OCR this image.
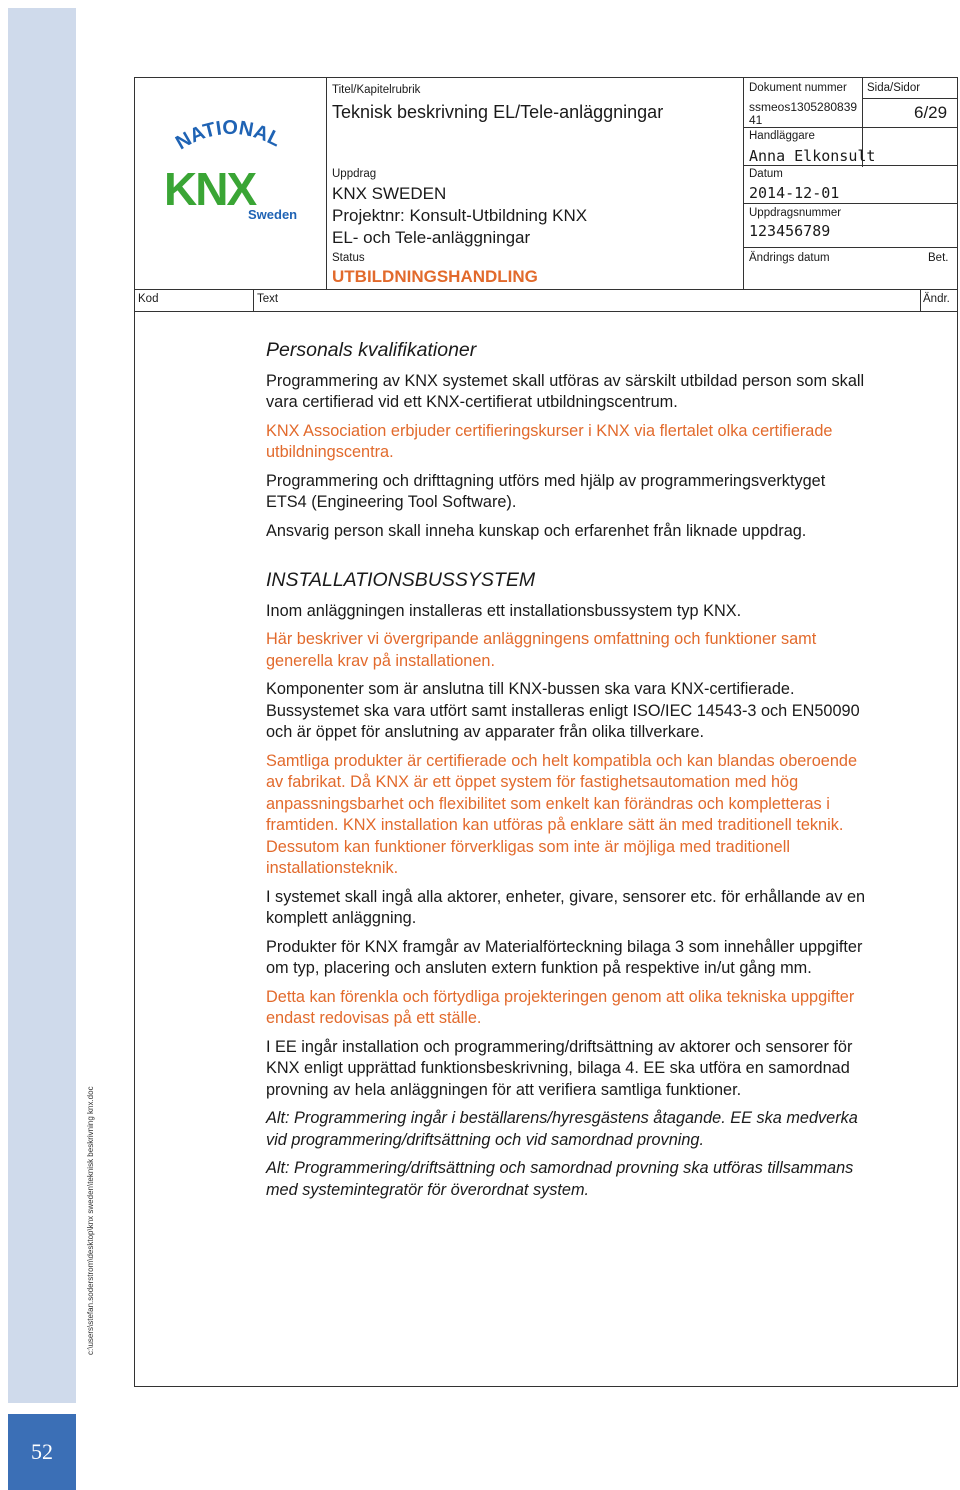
52
c:\users\stefan.soderstrom\desktop\knx sweden\teknisk beskrivning knx.doc
NATIONAL
KNX
Sweden
Titel/Kapitelrubrik
Teknisk beskrivning EL/Tele-anläggningar
Uppdrag
KNX SWEDEN
Projektnr: Konsult-Utbildning KNX
EL- och Tele-anläggningar
Status
UTBILDNINGSHANDLING
Dokument nummer
ssmeos1305280839
41
Sida/Sidor
6/29
Handläggare
Anna Elkonsult
Datum
2014-12-01
Uppdragsnummer
123456789
Ändrings datum	Bet.
Kod	Text	Ändr.

Personals kvalifikationer

Programmering av KNX systemet skall utföras av särskilt utbildad person som skall vara certifierad vid ett KNX-certifierat utbildningscentrum.

KNX Association erbjuder certifieringskurser i KNX via flertalet olka certifierade utbildningscentra.

Programmering och drifttagning utförs med hjälp av programmeringsverktyget ETS4 (Engineering Tool Software).

Ansvarig person skall inneha kunskap och erfarenhet från liknade uppdrag.

INSTALLATIONSBUSSYSTEM

Inom anläggningen installeras ett installationsbussystem typ KNX.

Här beskriver vi övergripande anläggningens omfattning och funktioner samt generella krav på installationen.

Komponenter som är anslutna till KNX-bussen ska vara KNX-certifierade. Bussystemet ska vara utfört samt installeras enligt ISO/IEC 14543-3 och EN50090 och är öppet för anslutning av apparater från olika tillverkare.

Samtliga produkter är certifierade och helt kompatibla och kan blandas oberoende av fabrikat. Då KNX är ett öppet system för fastighetsautomation med hög anpassningsbarhet och flexibilitet som enkelt kan förändras och kompletteras i framtiden. KNX installation kan utföras på enklare sätt än med traditionell teknik. Dessutom kan funktioner förverkligas som inte är möjliga med traditionell installationsteknik.

I systemet skall ingå alla aktorer, enheter, givare, sensorer etc. för erhållande av en komplett anläggning.

Produkter för KNX framgår av Materialförteckning bilaga 3 som innehåller uppgifter om typ, placering och ansluten extern funktion på respektive in/ut gång mm.

Detta kan förenkla och förtydliga projekteringen genom att olika tekniska uppgifter endast redovisas på ett ställe.

I EE ingår installation och programmering/driftsättning av aktorer och sensorer för KNX enligt upprättad funktionsbeskrivning, bilaga 4. EE ska utföra en samordnad provning av hela anläggningen för att verifiera samtliga funktioner.

Alt: Programmering ingår i beställarens/hyresgästens åtagande. EE ska medverka vid programmering/driftsättning och vid samordnad provning.

Alt: Programmering/driftsättning och samordnad provning ska utföras tillsammans med systemintegratör för överordnat system.
